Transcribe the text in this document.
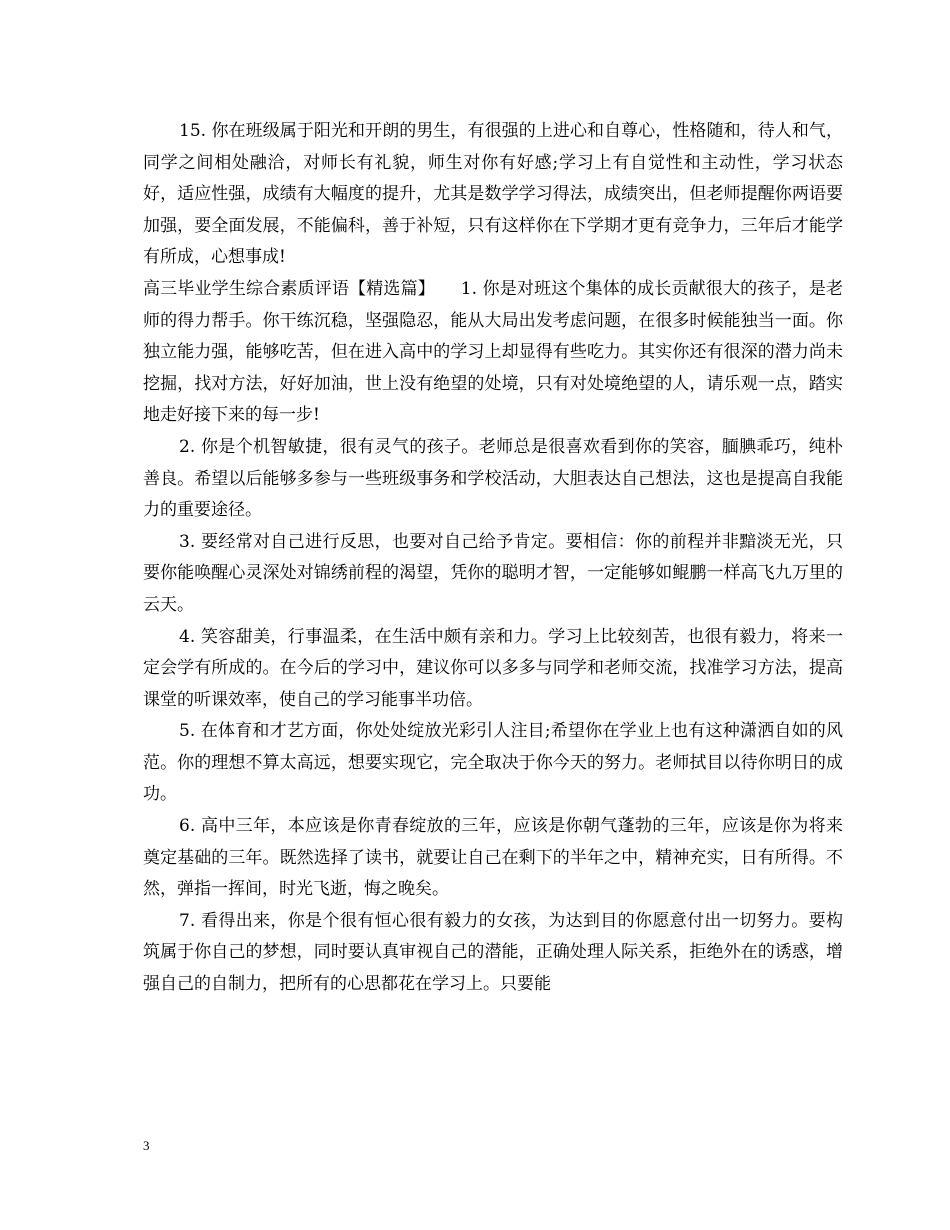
15. 你在班级属于阳光和开朗的男生，有很强的上进心和自尊心，性格随和，待人和气，同学之间相处融洽，对师长有礼貌，师生对你有好感;学习上有自觉性和主动性，学习状态好，适应性强，成绩有大幅度的提升，尤其是数学学习得法，成绩突出，但老师提醒你两语要加强，要全面发展，不能偏科，善于补短，只有这样你在下学期才更有竞争力，三年后才能学有所成，心想事成!

高三毕业学生综合素质评语【精选篇】　　1. 你是对班这个集体的成长贡献很大的孩子，是老师的得力帮手。你干练沉稳，坚强隐忍，能从大局出发考虑问题，在很多时候能独当一面。你独立能力强，能够吃苦，但在进入高中的学习上却显得有些吃力。其实你还有很深的潜力尚未挖掘，找对方法，好好加油，世上没有绝望的处境，只有对处境绝望的人，请乐观一点，踏实地走好接下来的每一步!

2. 你是个机智敏捷，很有灵气的孩子。老师总是很喜欢看到你的笑容，腼腆乖巧，纯朴善良。希望以后能够多参与一些班级事务和学校活动，大胆表达自己想法，这也是提高自我能力的重要途径。

3. 要经常对自己进行反思，也要对自己给予肯定。要相信：你的前程并非黯淡无光，只要你能唤醒心灵深处对锦绣前程的渴望，凭你的聪明才智，一定能够如鲲鹏一样高飞九万里的云天。

4. 笑容甜美，行事温柔，在生活中颇有亲和力。学习上比较刻苦，也很有毅力，将来一定会学有所成的。在今后的学习中，建议你可以多多与同学和老师交流，找准学习方法，提高课堂的听课效率，使自己的学习能事半功倍。

5. 在体育和才艺方面，你处处绽放光彩引人注目;希望你在学业上也有这种潇洒自如的风范。你的理想不算太高远，想要实现它，完全取决于你今天的努力。老师拭目以待你明日的成功。

6. 高中三年，本应该是你青春绽放的三年，应该是你朝气蓬勃的三年，应该是你为将来奠定基础的三年。既然选择了读书，就要让自己在剩下的半年之中，精神充实，日有所得。不然，弹指一挥间，时光飞逝，悔之晚矣。

7. 看得出来，你是个很有恒心很有毅力的女孩，为达到目的你愿意付出一切努力。要构筑属于你自己的梦想，同时要认真审视自己的潜能，正确处理人际关系，拒绝外在的诱惑，增强自己的自制力，把所有的心思都花在学习上。只要能

3
